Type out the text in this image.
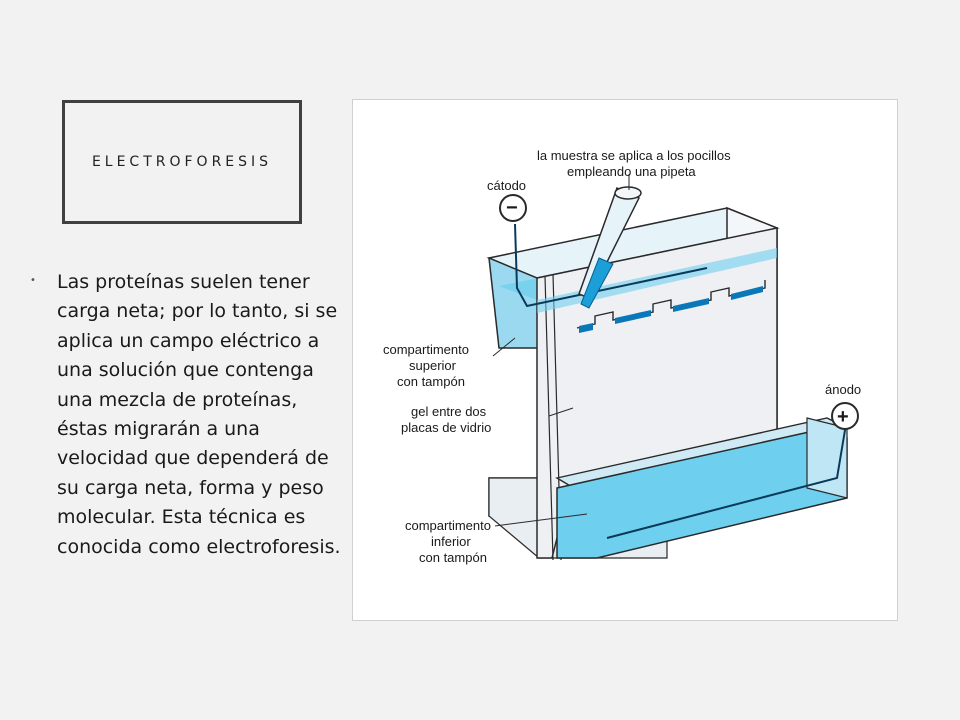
ELECTROFORESIS
• Las proteínas suelen tener carga neta; por lo tanto, si se aplica un campo eléctrico a una solución que contenga una mezcla de proteínas, éstas migrarán a una velocidad que dependerá de su carga neta, forma y peso molecular. Esta técnica es conocida como electroforesis.
−
+
la muestra se aplica a los pocillos
empleando una pipeta
cátodo
ánodo
compartimento
superior
con tampón
gel entre dos
placas de vidrio
compartimento
inferior
con tampón
